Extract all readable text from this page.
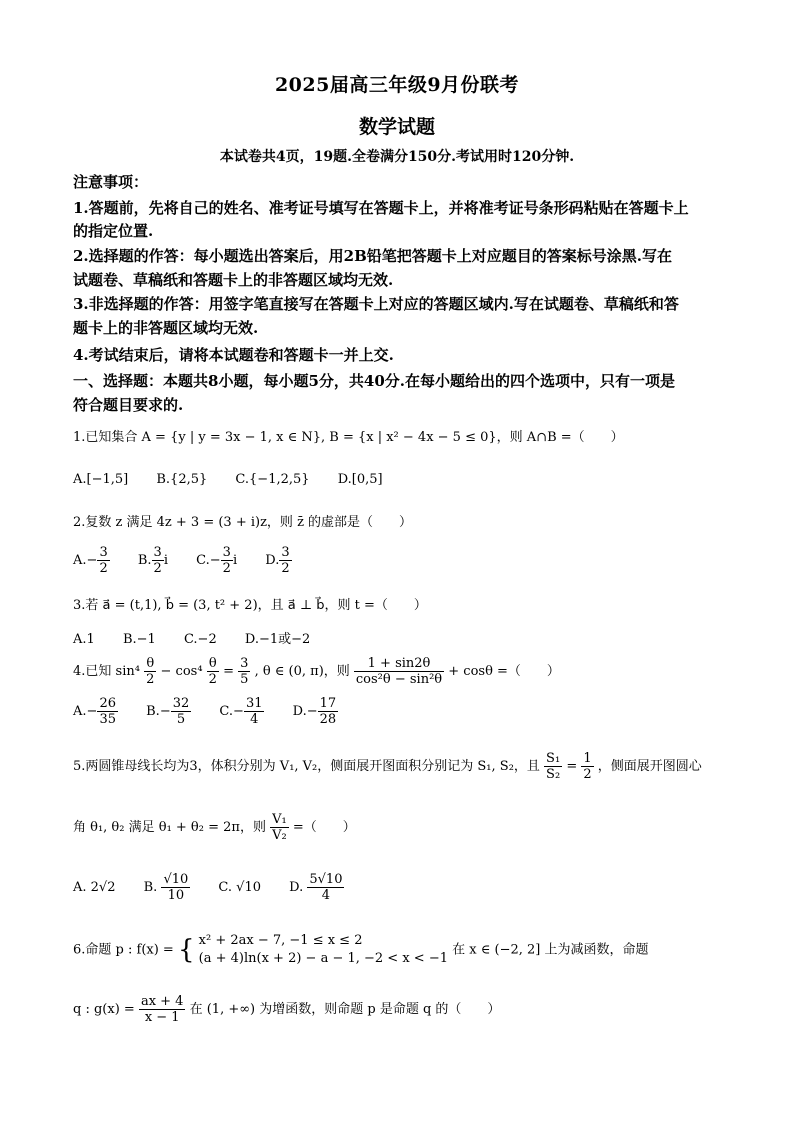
2025届高三年级9月份联考
数学试题
本试卷共4页，19题.全卷满分150分.考试用时120分钟.
注意事项：
1.答题前，先将自己的姓名、准考证号填写在答题卡上，并将准考证号条形码粘贴在答题卡上
的指定位置.
2.选择题的作答：每小题选出答案后，用2B铅笔把答题卡上对应题目的答案标号涂黑.写在
试题卷、草稿纸和答题卡上的非答题区域均无效.
3.非选择题的作答：用签字笔直接写在答题卡上对应的答题区域内.写在试题卷、草稿纸和答
题卡上的非答题区域均无效.
4.考试结束后，请将本试题卷和答题卡一并上交.
一、选择题：本题共8小题，每小题5分，共40分.在每小题给出的四个选项中，只有一项是
符合题目要求的.
1.已知集合 A = {y | y = 3x − 1, x ∈ N}, B = {x | x² − 4x − 5 ≤ 0}，则 A∩B =（　　）
A.[−1,5] B.{2,5} C.{−1,2,5} D.[0,5]
2.复数 z 满足 4z + 3 = (3 + i)z，则 z̄ 的虚部是（　　）
$A.- \frac{3}{2} B$. $\frac{3}{2}$ i $C.- \frac{3}{2}$ i D. $\frac{3}{2}$
3.若 a⃗ = (t,1), b⃗ = (3, t² + 2)，且 a⃗ ⊥ b⃗，则 t =（　　）
A.1 B.−1 C.−2 D.−1或−2
4.已知 $\sin^4 \frac{\theta}{2} - \cos^4 \frac{\theta}{2} = \frac{3}{5}$ , θ ∈ (0, π)，则 $\frac{1 + \sin 2\theta}{\text{cos²θ − sin²θ}} + \cos\theta$ =（　　）
$A.- \frac{26}{35} B.- \frac{32}{5} C.- \frac{31}{4} D.- \frac{17}{28}$
5.两圆锥母线长均为3，体积分别为 V₁, V₂，侧面展开图面积分别记为 S₁, S₂，且 $\frac{\text{S₁}}{\text{S₂}} = \frac{1}{2}$ ，侧面展开图圆心
角 θ₁, θ₂ 满足 θ₁ + θ₂ = 2π，则 $\frac{\text{V₁}}{\text{V₂}}$ =（　　）
A. 2√2 B. $\frac{√10}{10} C$. √10 D. $\frac{5√10}{4}$
6.命题 p : f(x) = { x² + 2ax − 7, −1 ≤ x ≤ 2
(a + 4)ln(x + 2) − a − 1, −2 < x < −1
在 x ∈ (−2, 2] 上为减函数，命题
q : $g(x) = \frac{ax + 4}{x - 1}$ 在 (1, +∞) 为增函数，则命题 p 是命题 q 的（　　）
